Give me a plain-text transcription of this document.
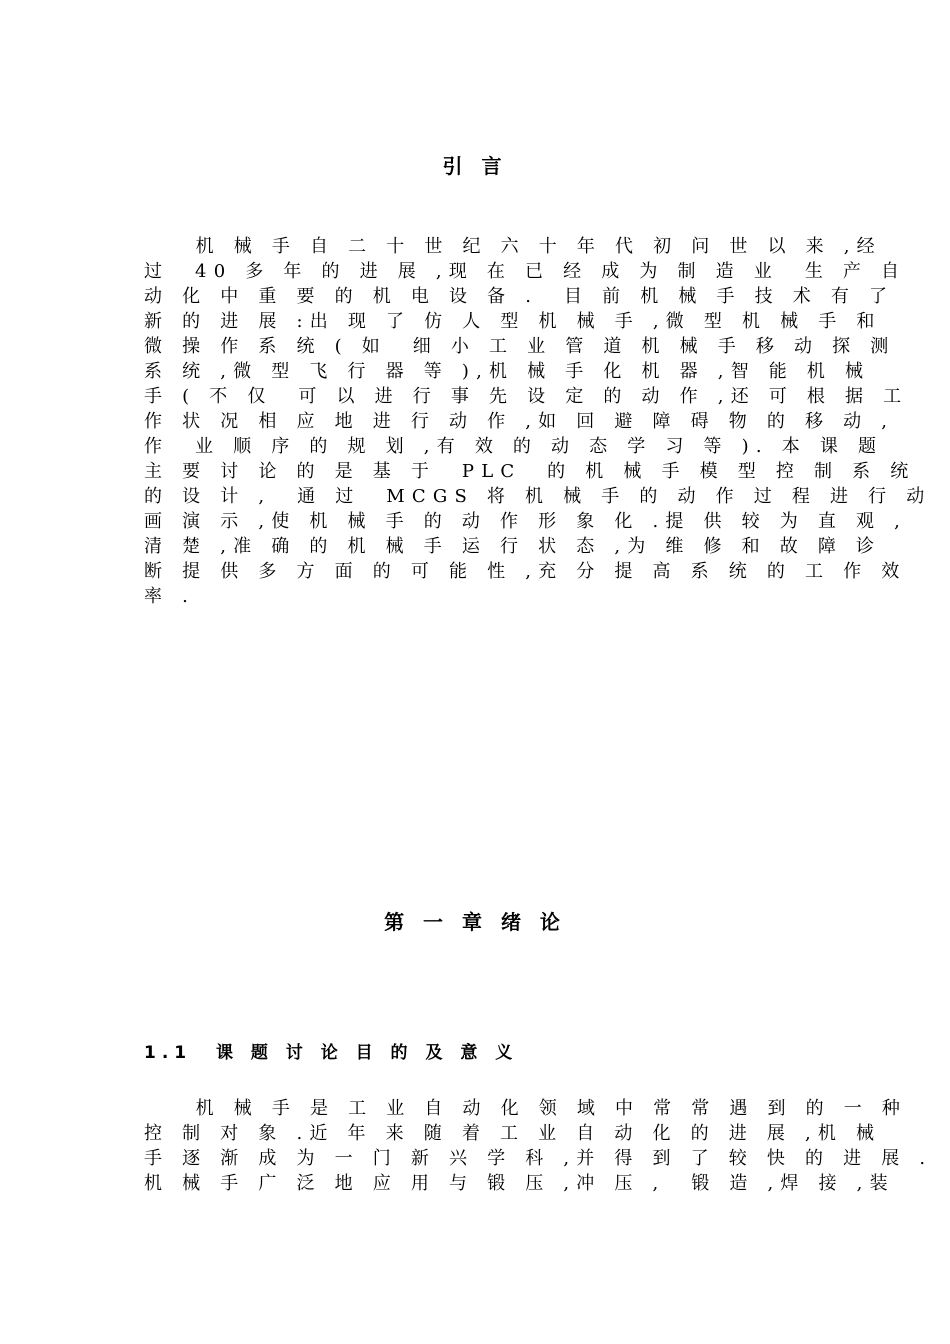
引 言
机 械 手 自 二 十 世 纪 六 十 年 代 初 问 世 以 来 ,经
过  40 多 年 的 进 展 ,现 在 已 经 成 为 制 造 业  生 产 自
动 化 中 重 要 的 机 电 设 备 .  目 前 机 械 手 技 术 有 了
新 的 进 展 :出 现 了 仿 人 型 机 械 手 ,微 型 机 械 手 和
微 操 作 系 统 ( 如  细 小 工 业 管 道 机 械 手 移 动 探 测
系 统 ,微 型 飞 行 器 等 ),机 械 手 化 机 器 ,智 能 机 械
手 ( 不 仅  可 以 进 行 事 先 设 定 的 动 作 ,还 可 根 据 工
作 状 况 相 应 地 进 行 动 作 ,如 回 避 障 碍 物 的 移 动 ,
作  业 顺 序 的 规 划 ,有 效 的 动 态 学 习 等 ). 本 课 题
主 要 讨 论 的 是 基 于  PLC  的 机 械 手 模 型 控 制 系 统
的 设 计 ,  通 过  MCGS 将 机 械 手 的 动 作 过 程 进 行 动
画 演 示 ,使 机 械 手 的 动 作 形 象 化 .提 供 较 为 直 观 ,
清 楚 ,准 确 的 机 械 手 运 行 状 态 ,为 维 修 和 故 障 诊
断 提 供 多 方 面 的 可 能 性 ,充 分 提 高 系 统 的 工 作 效
率 .
第 一 章 绪 论
1.1  课 题 讨 论 目 的 及 意 义
机 械 手 是 工 业 自 动 化 领 域 中 常 常 遇 到 的 一 种
控 制 对 象 .近 年 来 随 着 工 业 自 动 化 的 进 展 ,机 械
手 逐 渐 成 为 一 门 新 兴 学 科 ,并 得 到 了 较 快 的 进 展 .
机 械 手 广 泛 地 应 用 与 锻 压 ,冲 压 ,  锻 造 ,焊 接 ,装
